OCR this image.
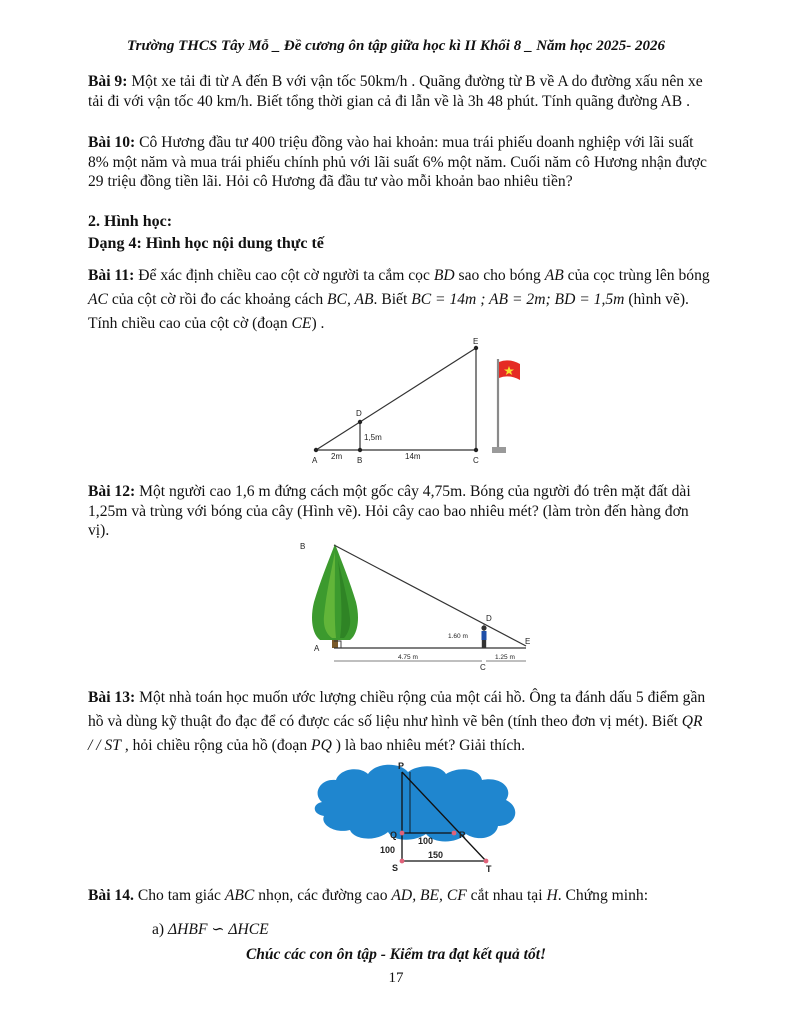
Trường THCS Tây Mỗ _ Đề cương ôn tập giữa học kì II Khối 8 _ Năm học 2025- 2026
Bài 9: Một xe tải đi từ A đến B với vận tốc 50km/h . Quãng đường từ B về A do đường xấu nên xe tải đi với vận tốc 40 km/h. Biết tổng thời gian cả đi lẫn về là 3h 48 phút. Tính quãng đường AB .
Bài 10: Cô Hương đầu tư 400 triệu đồng vào hai khoản: mua trái phiếu doanh nghiệp với lãi suất 8% một năm và mua trái phiếu chính phủ với lãi suất 6% một năm. Cuối năm cô Hương nhận được 29 triệu đồng tiền lãi. Hỏi cô Hương đã đầu tư vào mỗi khoản bao nhiêu tiền?
2. Hình học:
Dạng 4: Hình học nội dung thực tế
Bài 11: Để xác định chiều cao cột cờ người ta cắm cọc BD sao cho bóng AB của cọc trùng lên bóng AC của cột cờ rồi đo các khoảng cách BC, AB. Biết BC = 14m ; AB = 2m; BD = 1,5m (hình vẽ). Tính chiều cao của cột cờ (đoạn CE) .
A	B	C
D
E
2m	14m
1,5m
Bài 12: Một người cao 1,6 m đứng cách một gốc cây 4,75m. Bóng của người đó trên mặt đất dài 1,25m và trùng với bóng của cây (Hình vẽ). Hỏi cây cao bao nhiêu mét? (làm tròn đến hàng đơn vị).
B
A
D
C
E
1.60 m
4.75 m	1.25 m
Bài 13: Một nhà toán học muốn ước lượng chiều rộng của một cái hồ. Ông ta đánh dấu 5 điểm gần hồ và dùng kỹ thuật đo đạc để có được các số liệu như hình vẽ bên (tính theo đơn vị mét). Biết QR / / ST , hỏi chiều rộng của hồ (đoạn PQ ) là bao nhiêu mét? Giải thích.
P
Q	R
S	T
100
100	150
Bài 14. Cho tam giác ABC nhọn, các đường cao AD, BE, CF cắt nhau tại H. Chứng minh:
a) ΔHBF ∽ ΔHCE
Chúc các con ôn tập - Kiểm tra đạt kết quả tốt!
17
